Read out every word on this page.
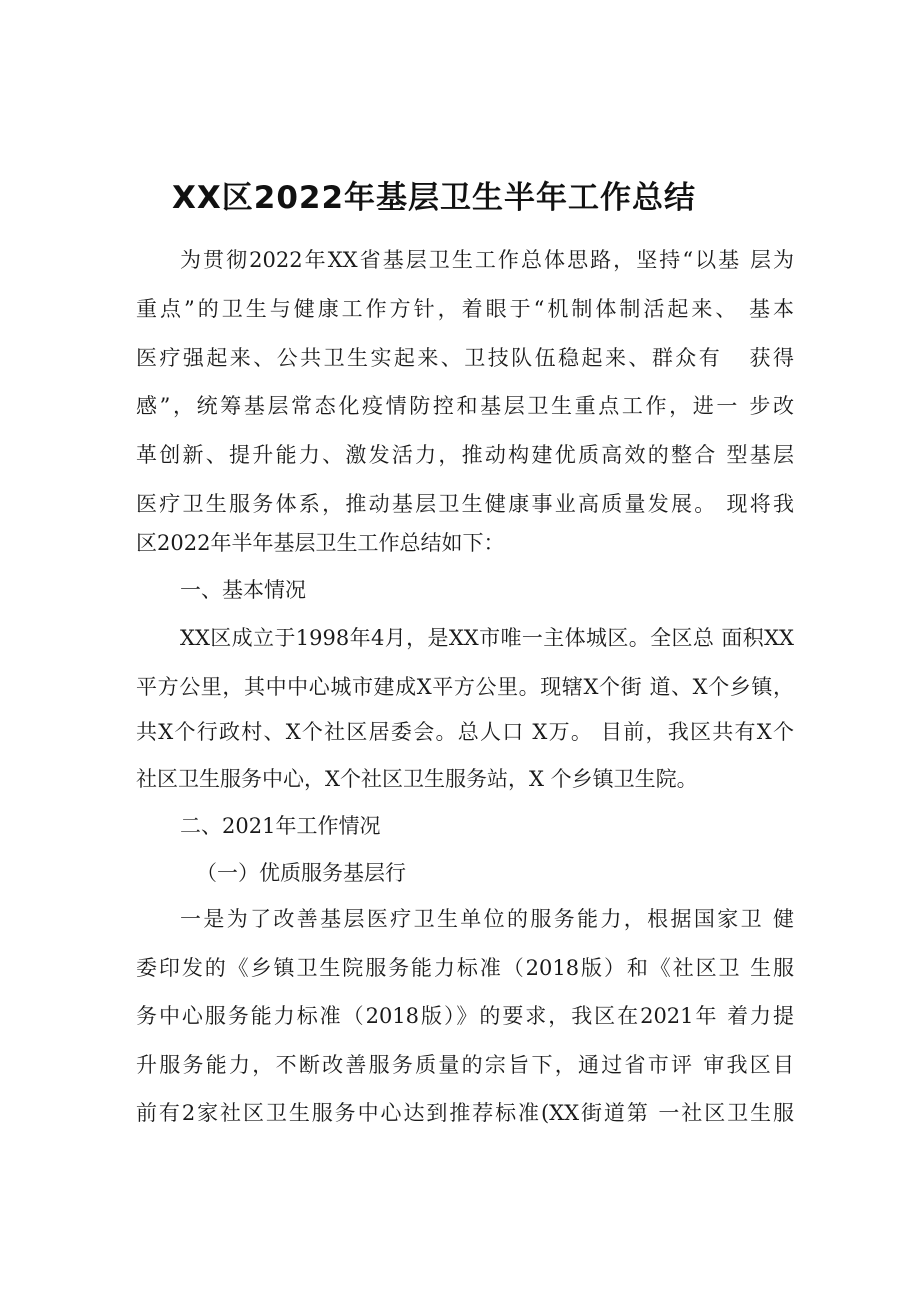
XX区2022年基层卫生半年工作总结

为贯彻2022年XX省基层卫生工作总体思路，坚持“以基 层为

重点”的卫生与健康工作方针，着眼于“机制体制活起来、 基本

医疗强起来、公共卫生实起来、卫技队伍稳起来、群众有   获得

感”，统筹基层常态化疫情防控和基层卫生重点工作，进一 步改

革创新、提升能力、激发活力，推动构建优质高效的整合 型基层

医疗卫生服务体系，推动基层卫生健康事业高质量发展。 现将我

区2022年半年基层卫生工作总结如下：

一、基本情况

XX区成立于1998年4月，是XX市唯一主体城区。全区总 面积XX

平方公里，其中中心城市建成X平方公里。现辖X个街 道、X个乡镇，

共X个行政村、X个社区居委会。总人口 X万。 目前，我区共有X个

社区卫生服务中心，X个社区卫生服务站，X 个乡镇卫生院。

二、2021年工作情况

（一）优质服务基层行

一是为了改善基层医疗卫生单位的服务能力，根据国家卫 健

委印发的《乡镇卫生院服务能力标准（2018版）和《社区卫 生服

务中心服务能力标准（2018版）》的要求，我区在2021年 着力提

升服务能力，不断改善服务质量的宗旨下，通过省市评 审我区目

前有2家社区卫生服务中心达到推荐标准(XX街道第 一社区卫生服
